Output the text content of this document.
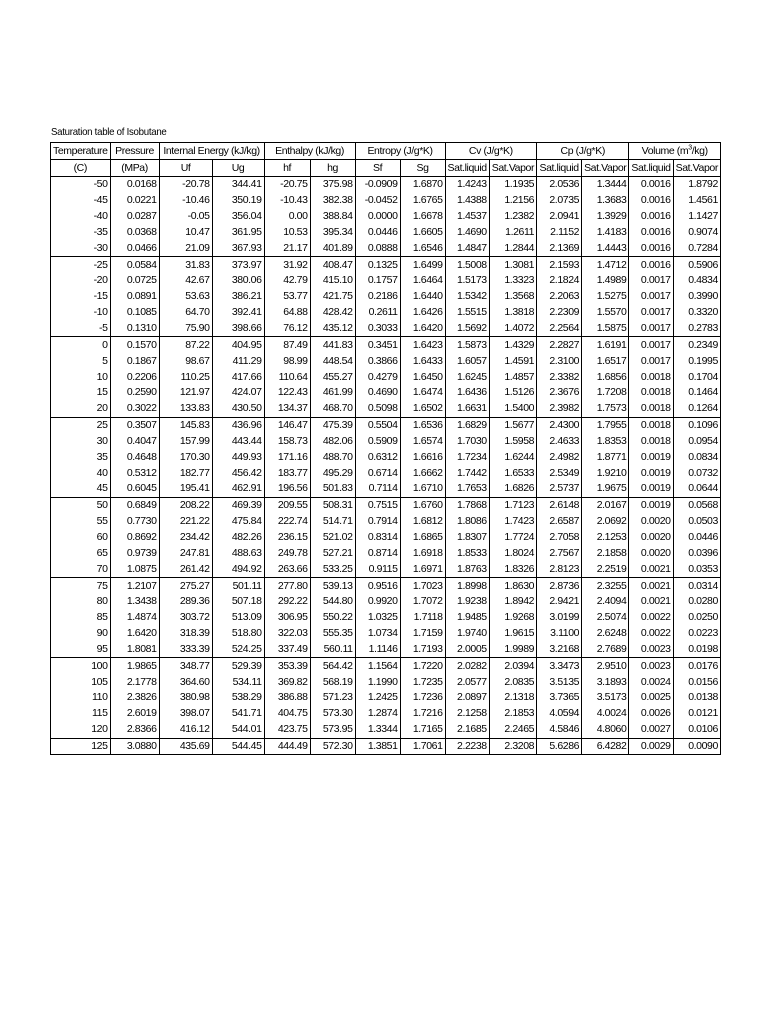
Saturation table of Isobutane
Temperature	Pressure	Internal Energy (kJ/kg)		Enthalpy (kJ/kg)		Entropy (J/g*K)		Cv (J/g*K)		Cp (J/g*K)		Volume $(m^3/kg)$	
(C)	(MPa)	Uf	Ug	hf	hg	Sf	Sg	Sat.liquid	Sat.Vapor	Sat.liquid	Sat.Vapor	Sat.liquid	Sat.Vapor
-50	0.0168	-20.78	344.41	-20.75	375.98	-0.0909	1.6870	1.4243	1.1935	2.0536	1.3444	0.0016	1.8792
-45	0.0221	-10.46	350.19	-10.43	382.38	-0.0452	1.6765	1.4388	1.2156	2.0735	1.3683	0.0016	1.4561
-40	0.0287	-0.05	356.04	0.00	388.84	0.0000	1.6678	1.4537	1.2382	2.0941	1.3929	0.0016	1.1427
-35	0.0368	10.47	361.95	10.53	395.34	0.0446	1.6605	1.4690	1.2611	2.1152	1.4183	0.0016	0.9074
-30	0.0466	21.09	367.93	21.17	401.89	0.0888	1.6546	1.4847	1.2844	2.1369	1.4443	0.0016	0.7284
-25	0.0584	31.83	373.97	31.92	408.47	0.1325	1.6499	1.5008	1.3081	2.1593	1.4712	0.0016	0.5906
-20	0.0725	42.67	380.06	42.79	415.10	0.1757	1.6464	1.5173	1.3323	2.1824	1.4989	0.0017	0.4834
-15	0.0891	53.63	386.21	53.77	421.75	0.2186	1.6440	1.5342	1.3568	2.2063	1.5275	0.0017	0.3990
-10	0.1085	64.70	392.41	64.88	428.42	0.2611	1.6426	1.5515	1.3818	2.2309	1.5570	0.0017	0.3320
-5	0.1310	75.90	398.66	76.12	435.12	0.3033	1.6420	1.5692	1.4072	2.2564	1.5875	0.0017	0.2783
0	0.1570	87.22	404.95	87.49	441.83	0.3451	1.6423	1.5873	1.4329	2.2827	1.6191	0.0017	0.2349
5	0.1867	98.67	411.29	98.99	448.54	0.3866	1.6433	1.6057	1.4591	2.3100	1.6517	0.0017	0.1995
10	0.2206	110.25	417.66	110.64	455.27	0.4279	1.6450	1.6245	1.4857	2.3382	1.6856	0.0018	0.1704
15	0.2590	121.97	424.07	122.43	461.99	0.4690	1.6474	1.6436	1.5126	2.3676	1.7208	0.0018	0.1464
20	0.3022	133.83	430.50	134.37	468.70	0.5098	1.6502	1.6631	1.5400	2.3982	1.7573	0.0018	0.1264
25	0.3507	145.83	436.96	146.47	475.39	0.5504	1.6536	1.6829	1.5677	2.4300	1.7955	0.0018	0.1096
30	0.4047	157.99	443.44	158.73	482.06	0.5909	1.6574	1.7030	1.5958	2.4633	1.8353	0.0018	0.0954
35	0.4648	170.30	449.93	171.16	488.70	0.6312	1.6616	1.7234	1.6244	2.4982	1.8771	0.0019	0.0834
40	0.5312	182.77	456.42	183.77	495.29	0.6714	1.6662	1.7442	1.6533	2.5349	1.9210	0.0019	0.0732
45	0.6045	195.41	462.91	196.56	501.83	0.7114	1.6710	1.7653	1.6826	2.5737	1.9675	0.0019	0.0644
50	0.6849	208.22	469.39	209.55	508.31	0.7515	1.6760	1.7868	1.7123	2.6148	2.0167	0.0019	0.0568
55	0.7730	221.22	475.84	222.74	514.71	0.7914	1.6812	1.8086	1.7423	2.6587	2.0692	0.0020	0.0503
60	0.8692	234.42	482.26	236.15	521.02	0.8314	1.6865	1.8307	1.7724	2.7058	2.1253	0.0020	0.0446
65	0.9739	247.81	488.63	249.78	527.21	0.8714	1.6918	1.8533	1.8024	2.7567	2.1858	0.0020	0.0396
70	1.0875	261.42	494.92	263.66	533.25	0.9115	1.6971	1.8763	1.8326	2.8123	2.2519	0.0021	0.0353
75	1.2107	275.27	501.11	277.80	539.13	0.9516	1.7023	1.8998	1.8630	2.8736	2.3255	0.0021	0.0314
80	1.3438	289.36	507.18	292.22	544.80	0.9920	1.7072	1.9238	1.8942	2.9421	2.4094	0.0021	0.0280
85	1.4874	303.72	513.09	306.95	550.22	1.0325	1.7118	1.9485	1.9268	3.0199	2.5074	0.0022	0.0250
90	1.6420	318.39	518.80	322.03	555.35	1.0734	1.7159	1.9740	1.9615	3.1100	2.6248	0.0022	0.0223
95	1.8081	333.39	524.25	337.49	560.11	1.1146	1.7193	2.0005	1.9989	3.2168	2.7689	0.0023	0.0198
100	1.9865	348.77	529.39	353.39	564.42	1.1564	1.7220	2.0282	2.0394	3.3473	2.9510	0.0023	0.0176
105	2.1778	364.60	534.11	369.82	568.19	1.1990	1.7235	2.0577	2.0835	3.5135	3.1893	0.0024	0.0156
110	2.3826	380.98	538.29	386.88	571.23	1.2425	1.7236	2.0897	2.1318	3.7365	3.5173	0.0025	0.0138
115	2.6019	398.07	541.71	404.75	573.30	1.2874	1.7216	2.1258	2.1853	4.0594	4.0024	0.0026	0.0121
120	2.8366	416.12	544.01	423.75	573.95	1.3344	1.7165	2.1685	2.2465	4.5846	4.8060	0.0027	0.0106
125	3.0880	435.69	544.45	444.49	572.30	1.3851	1.7061	2.2238	2.3208	5.6286	6.4282	0.0029	0.0090
